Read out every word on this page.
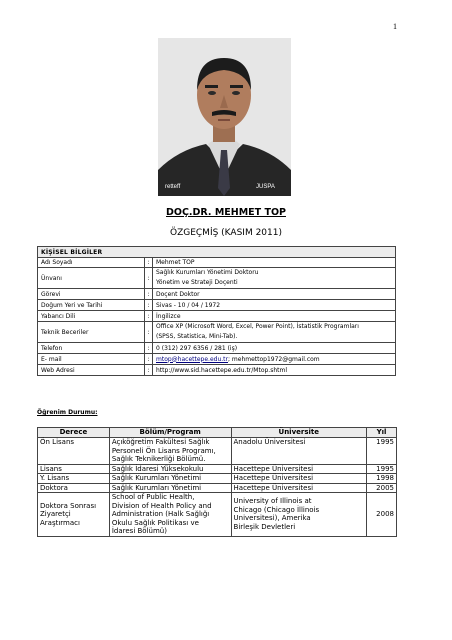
1
retteff	JUSPA
DOÇ.DR. MEHMET TOP
ÖZGEÇMİŞ (KASIM 2011)
KİŞİSEL BİLGİLER		
Adı Soyadı	:	Mehmet TOP
Ünvanı	:	Sağlık Kurumları Yönetimi Doktoru
Yönetim ve Strateji Doçenti

Görevi	:	Doçent Doktor
Doğum Yeri ve Tarihi	:	Sivas - 10 / 04 / 1972
Yabancı Dili	:	İngilizce
Teknik Beceriler	:	Office XP (Microsoft Word, Excel, Power Point), İstatistik Programları
(SPSS, Statistica, Mini-Tab).

Telefon	:	0 (312) 297 6356 / 281 (iş)
E- mail	:	mtop@hacettepe.edu.tr; mehmettop1972@gmail.com
Web Adresi	:	http://www.sid.hacettepe.edu.tr/Mtop.shtml
Öğrenim Durumu:
Derece	Bölüm/Program	Üniversite	Yıl
Ön Lisans	Açıköğretim Fakültesi Sağlık
Personeli Ön Lisans Programı,
Sağlık Teknikerliği Bölümü.	Anadolu Üniversitesi	1995
Lisans	Sağlık İdaresi Yüksekokulu	Hacettepe Üniversitesi	1995
Y. Lisans	Sağlık Kurumları Yönetimi	Hacettepe Üniversitesi	1998
Doktora	Sağlık Kurumları Yönetimi	Hacettepe Üniversitesi	2005

Doktora Sonrası
Ziyaretçi
Araştırmacı	School of Public Health,
Division of Health Policy and
Administration (Halk Sağlığı
Okulu Sağlık Politikası ve
İdaresi Bölümü)	University of Illinois at
Chicago (Chicago İllinois
Universitesi), Amerika
Birleşik Devletleri	2008
